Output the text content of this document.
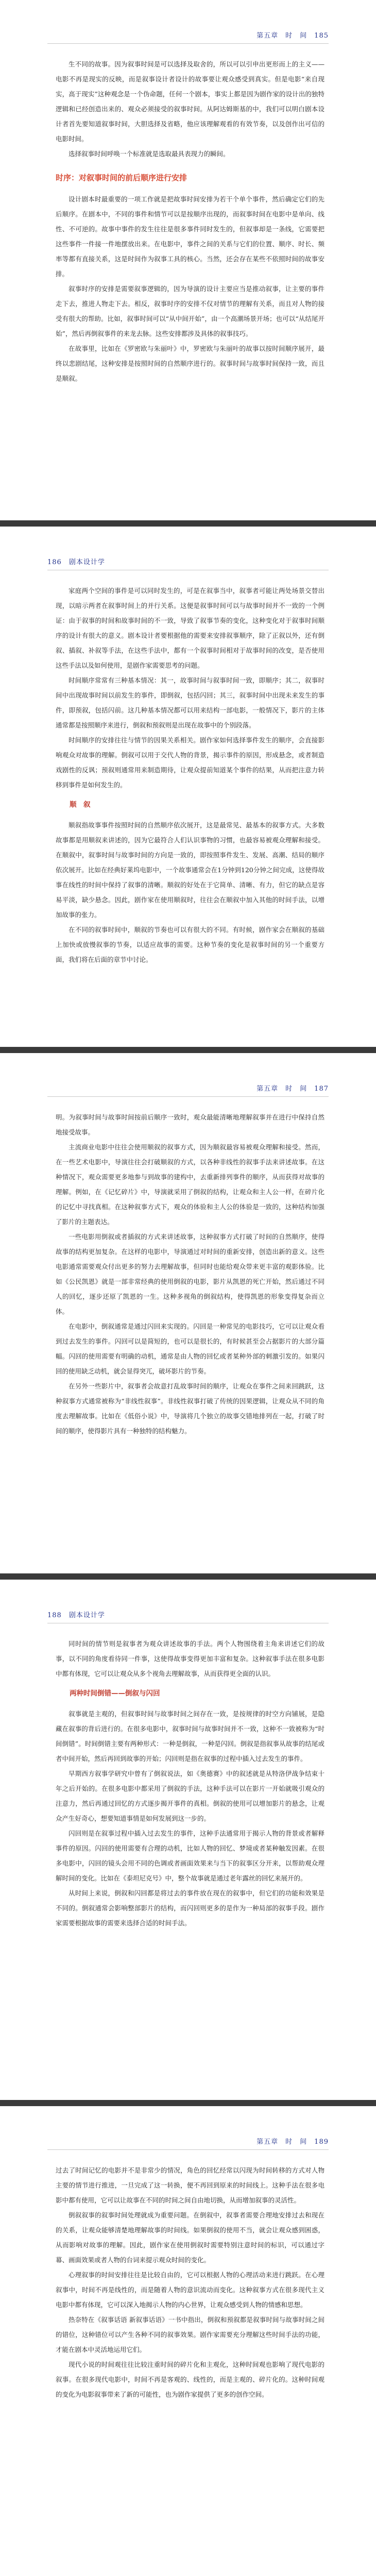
第五章　时　间　185

生不同的故事。因为叙事时间是可以选择及取舍的，所以可以引申出更形而上的主义——电影不再是现实的反映，而是叙事设计者设计的故事要让观众感受到真实。但是电影“来自现实，高于现实”这种观念是一个伪命题，任何一个剧本，事实上都是因为剧作家的设计出的独特逻辑和已经创造出来的、观众必须接受的叙事时间。从阿达姆斯基的中，我们可以明白剧本设计者首先要知道叙事时间，大胆选择及省略，他应该理解观看的有效节奏，以及创作出可信的电影时间。

选择叙事时间呼唤一个标准就是选取最具表现力的瞬间。

时序：对叙事时间的前后顺序进行安排

设计剧本时最重要的一项工作就是把故事时间安排为若干个单个事件，然后确定它们的先后顺序。在剧本中，不同的事件和情节可以是按顺序出现的，而叙事时间在电影中是单向、线性、不可逆的。故事中事件的发生往往是很多事件同时发生的，但叙事却是一条线，它需要把这些事件一件接一件地摆放出来。在电影中，事件之间的关系与它们的位置、顺序、时长、频率等都有直接关系，这是时间作为叙事工具的核心。当然，还会存在某些不依照时间的故事安排。

叙事时序的安排是需要叙事逻辑的，因为导演的设计主要应当是推动叙事，让主要的事件走下去，推进人物走下去。相反，叙事时序的安排不仅对情节的理解有关系，而且对人物的接受有很大的帮助。比如，叙事时间可以“从中间开始”，由一个高潮场景开场；也可以“从结尾开始”，然后再倒叙事件的来龙去脉。这些安排都涉及具体的叙事技巧。

在故事里，比如在《罗密欧与朱丽叶》中，罗密欧与朱丽叶的故事以按时间顺序展开，最终以悲剧结尾，这种安排是按照时间的自然顺序进行的。叙事时间与故事时间保持一致，而且是顺叙。

186　剧本设计学

家庭两个空间的事件是可以同时发生的，可是在叙事当中，叙事者可能让两处场景交替出现，以暗示两者在叙事时间上的并行关系。这便是叙事时间可以与故事时间并不一致的一个例证：由于叙事的时间和故事时间的不一致，导致了叙事节奏的变化，这种变化对于叙事时间顺序的设计有很大的意义。剧本设计者要根据他的需要来安排叙事顺序，除了正叙以外，还有倒叙、插叙、补叙等手法，在这些手法中，都有一个叙事时间相对于故事时间的改变，是否使用这些手法以及如何使用，是剧作家需要思考的问题。

时间顺序常常有三种基本情况：其一，故事时间与叙事时间一致，即顺序；其二，叙事时间中出现故事时间以前发生的事件，即倒叙，包括闪回；其三，叙事时间中出现未来发生的事件，即预叙，包括闪前。这几种基本情况都可以用来结构一部电影，一般情况下，影片的主体通常都是按照顺序来进行，倒叙和预叙则是出现在故事中的个别段落。

时间顺序的安排往往与情节的因果关系相关。剧作家如何选择事件发生的顺序，会直接影响观众对故事的理解。倒叙可以用于交代人物的背景，揭示事件的原因，形成悬念，或者制造戏剧性的反讽；预叙则通常用来制造期待，让观众提前知道某个事件的结果，从而把注意力转移到事件是如何发生的。

顺　叙

顺叙指故事事件按照时间的自然顺序依次展开，这是最常见、最基本的叙事方式。大多数故事都是用顺叙来讲述的，因为它最符合人们认识事物的习惯，也最容易被观众理解和接受。在顺叙中，叙事时间与故事时间的方向是一致的，即按照事件发生、发展、高潮、结局的顺序依次展开。比如在经典好莱坞电影中，一个故事通常会在1分钟到120分钟之间完成，这使得故事在线性的时间中保持了叙事的清晰。顺叙的好处在于它简单、清晰、有力，但它的缺点是容易平淡，缺少悬念。因此，剧作家在使用顺叙时，往往会在顺叙中加入其他的时间手法，以增加故事的张力。

在不同的叙事时间中，顺叙的节奏也可以有很大的不同。有时候，剧作家会在顺叙的基础上加快或放慢叙事的节奏，以适应故事的需要。这种节奏的变化是叙事时间的另一个重要方面，我们将在后面的章节中讨论。

第五章　时　间　187

明。为叙事时间与故事时间按前后顺序一致时，观众最能清晰地理解叙事并在进行中保持自然地接受故事。

主流商业电影中往往会使用顺叙的叙事方式，因为顺叙最容易被观众理解和接受。然而，在一些艺术电影中，导演往往会打破顺叙的方式，以各种非线性的叙事手法来讲述故事。在这种情况下，观众需要更多地参与到故事的建构中，去重新排列事件的顺序，从而获得对故事的理解。例如，在《记忆碎片》中，导演就采用了倒叙的结构，让观众和主人公一样，在碎片化的记忆中寻找真相。在这种叙事方式下，观众的体验和主人公的体验是一致的，这种结构加强了影片的主题表达。

一些电影用倒叙或者插叙的方式来讲述故事，这种叙事方式打破了时间的自然顺序，使得故事的结构更加复杂。在这样的电影中，导演通过对时间的重新安排，创造出新的意义。这些电影通常需要观众付出更多的努力去理解故事，但同时也能给观众带来更丰富的观影体验。比如《公民凯恩》就是一部非常经典的使用倒叙的电影，影片从凯恩的死亡开始，然后通过不同人的回忆，逐步还原了凯恩的一生。这种多视角的倒叙结构，使得凯恩的形象变得复杂而立体。

在电影中，倒叙通常是通过闪回来实现的。闪回是一种常见的电影技巧，它可以让观众看到过去发生的事件。闪回可以是简短的，也可以是很长的，有时候甚至会占据影片的大部分篇幅。闪回的使用需要有明确的动机，通常是由人物的回忆或者某种外部的刺激引发的。如果闪回的使用缺乏动机，就会显得突兀，破坏影片的节奏。

在另外一些影片中，叙事者会故意打乱故事时间的顺序，让观众在事件之间来回跳跃，这种叙事方式通常被称为“非线性叙事”。非线性叙事打破了传统的因果逻辑，让观众从不同的角度去理解故事。比如在《低俗小说》中，导演将几个独立的故事交错地排列在一起，打破了时间的顺序，使得影片具有一种独特的结构魅力。

188　剧本设计学

同时间的情节则是叙事者为观众讲述故事的手法。两个人物围绕着主角来讲述它们的故事，以不同的角度看待同一件事，这使得故事变得更加丰富和复杂。这种叙事手法在很多电影中都有体现，它可以让观众从多个视角去理解故事，从而获得更全面的认识。

两种时间倒错——倒叙与闪回

叙事就是主观的，但叙事时间与故事时间之间存在一致，是按规律的时空方向铺展，是隐藏在叙事的背后进行的。在很多电影中，叙事时间与故事时间并不一致，这种不一致被称为“时间倒错”。时间倒错主要有两种形式：一种是倒叙，一种是闪回。倒叙是指叙事从故事的结尾或者中间开始，然后再回到故事的开始；闪回则是指在叙事的过程中插入过去发生的事件。

早期西方叙事学研究中曾有了倒叙说法，如《奥德赛》中的叙述就是从特洛伊战争结束十年之后开始的。在很多电影中都采用了倒叙的手法，这种手法可以在影片一开始就吸引观众的注意力，然后再通过回忆的方式逐步揭开事件的真相。倒叙的使用可以增加影片的悬念，让观众产生好奇心，想要知道事情是如何发展到这一步的。

闪回则是在叙事过程中插入过去发生的事件，这种手法通常用于揭示人物的背景或者解释事件的原因。闪回的使用需要有合理的动机，比如人物的回忆、梦境或者某种触发因素。在很多电影中，闪回的镜头会用不同的色调或者画面效果来与当下的叙事区分开来，以帮助观众理解时间的变化。比如在《泰坦尼克号》中，整个故事就是通过老年露丝的回忆来展开的。

从时间上来说，倒叙和闪回都是将过去的事件放在现在的叙事中，但它们的功能和效果是不同的。倒叙通常会影响整部影片的结构，而闪回则更多的是作为一种局部的叙事手段。剧作家需要根据故事的需要来选择合适的时间手法。

第五章　时　间　189

过去了时间记忆的电影并不是非常少的情况，角色的回忆经常以闪现为时间转移的方式对人物主要的情节进行推进，一旦完成了这一转换，便不再回到原来的时间线上。这种手法在很多电影中都有使用，它可以让故事在不同的时间之间自由地切换，从而增加叙事的灵活性。

倒叙叙事的叙事时间处理就成为重要问题。在倒叙中，叙事者需要合理地安排过去和现在的关系，让观众能够清楚地理解故事的时间线。如果倒叙的使用不当，就会让观众感到困惑，从而影响对故事的理解。因此，剧作家在使用倒叙时需要特别注意时间的标识，可以通过字幕、画面效果或者人物的台词来提示观众时间的变化。

心理叙事的时间安排往往是比较自由的，它可以根据人物的心理活动来进行跳跃。在心理叙事中，时间不再是线性的，而是随着人物的意识流动而变化。这种叙事方式在很多现代主义电影中都有体现，它可以深入地揭示人物的内心世界，让观众感受到人物的情感和思想。

热奈特在《叙事话语 新叙事话语》一书中指出，倒叙和预叙都是叙事时间与故事时间之间的错位，这种错位可以产生各种不同的叙事效果。剧作家需要充分理解这些时间手法的功能，才能在剧本中灵活地运用它们。

现代小说的时间观往往比较注重时间的碎片化和主观化，这种时间观也影响了现代电影的叙事。在很多现代电影中，时间不再是客观的、线性的，而是主观的、碎片化的。这种时间观的变化为电影叙事带来了新的可能性，也为剧作家提供了更多的创作空间。
